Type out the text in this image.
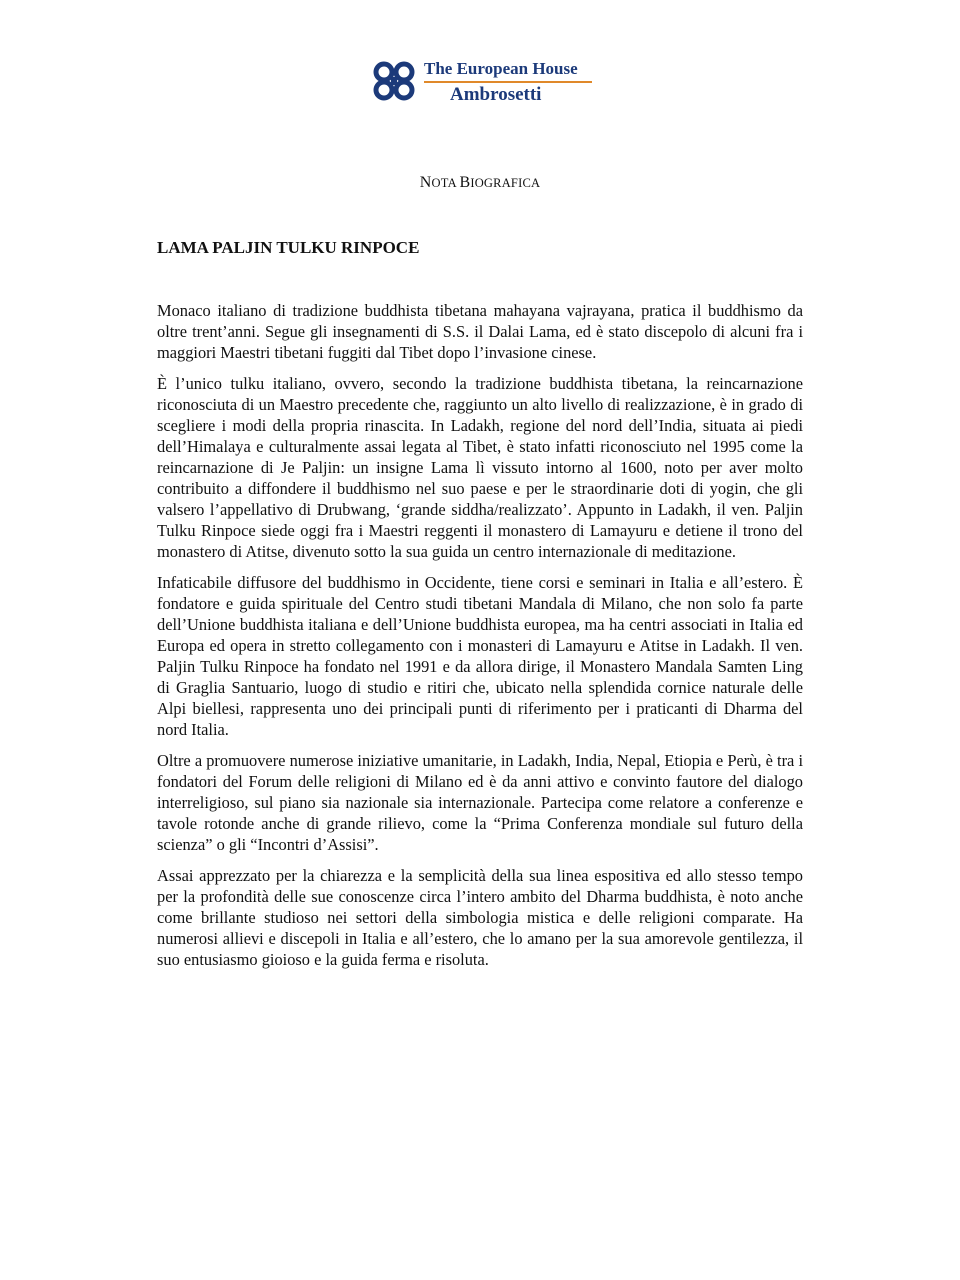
The European House
Ambrosetti
NOTA BIOGRAFICA
LAMA PALJIN TULKU RINPOCE

Monaco italiano di tradizione buddhista tibetana mahayana vajrayana, pratica il buddhismo da oltre trent’anni. Segue gli insegnamenti di S.S. il Dalai Lama, ed è stato discepolo di alcuni fra i maggiori Maestri tibetani fuggiti dal Tibet dopo l’invasione cinese.

È l’unico tulku italiano, ovvero, secondo la tradizione buddhista tibetana, la reincarnazione riconosciuta di un Maestro precedente che, raggiunto un alto livello di realizzazione, è in grado di scegliere i modi della propria rinascita. In Ladakh, regione del nord dell’India, situata ai piedi dell’Himalaya e culturalmente assai legata al Tibet, è stato infatti riconosciuto nel 1995 come la reincarnazione di Je Paljin: un insigne Lama lì vissuto intorno al 1600, noto per aver molto contribuito a diffondere il buddhismo nel suo paese e per le straordinarie doti di yogin, che gli valsero l’appellativo di Drubwang, ‘grande siddha/realizzato’. Appunto in Ladakh, il ven. Paljin Tulku Rinpoce siede oggi fra i Maestri reggenti il monastero di Lamayuru e detiene il trono del monastero di Atitse, divenuto sotto la sua guida un centro internazionale di meditazione.

Infaticabile diffusore del buddhismo in Occidente, tiene corsi e seminari in Italia e all’estero. È fondatore e guida spirituale del Centro studi tibetani Mandala di Milano, che non solo fa parte dell’Unione buddhista italiana e dell’Unione buddhista europea, ma ha centri associati in Italia ed Europa ed opera in stretto collegamento con i monasteri di Lamayuru e Atitse in Ladakh. Il ven. Paljin Tulku Rinpoce ha fondato nel 1991 e da allora dirige, il Monastero Mandala Samten Ling di Graglia Santuario, luogo di studio e ritiri che, ubicato nella splendida cornice naturale delle Alpi biellesi, rappresenta uno dei principali punti di riferimento per i praticanti di Dharma del nord Italia.

Oltre a promuovere numerose iniziative umanitarie, in Ladakh, India, Nepal, Etiopia e Perù, è tra i fondatori del Forum delle religioni di Milano ed è da anni attivo e convinto fautore del dialogo interreligioso, sul piano sia nazionale sia internazionale. Partecipa come relatore a conferenze e tavole rotonde anche di grande rilievo, come la “Prima Conferenza mondiale sul futuro della scienza” o gli “Incontri d’Assisi”.

Assai apprezzato per la chiarezza e la semplicità della sua linea espositiva ed allo stesso tempo per la profondità delle sue conoscenze circa l’intero ambito del Dharma buddhista, è noto anche come brillante studioso nei settori della simbologia mistica e delle religioni comparate. Ha numerosi allievi e discepoli in Italia e all’estero, che lo amano per la sua amorevole gentilezza, il suo entusiasmo gioioso e la guida ferma e risoluta.
